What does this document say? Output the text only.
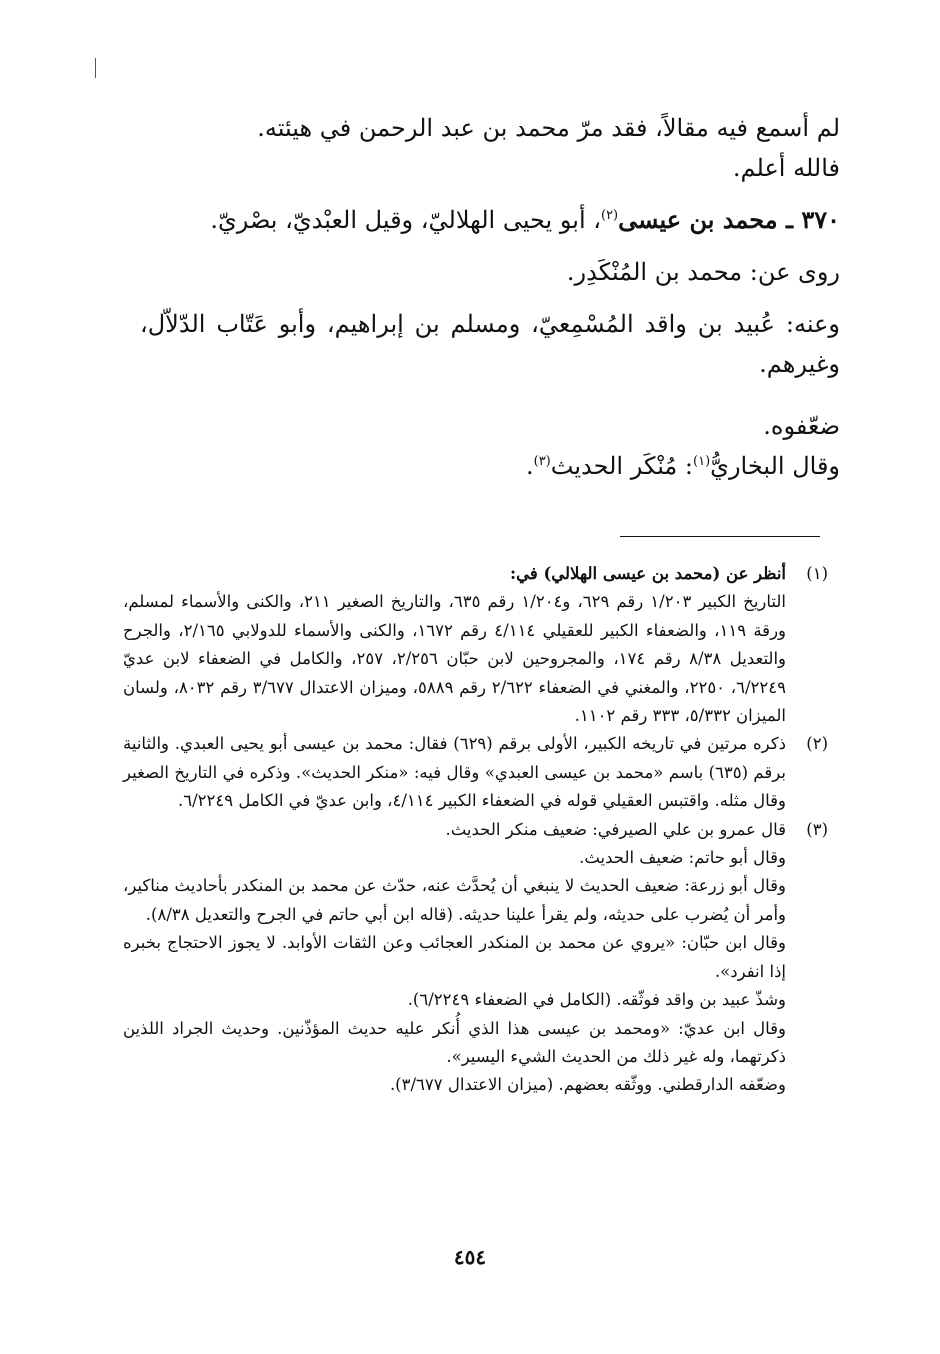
لم أسمع فيه مقالاً، فقد مرّ محمد بن عبد الرحمن في هيئته.

فالله أعلم.

٣٧٠ ـ محمد بن عيسى$^{(٢)}$، أبو يحيى الهلاليّ، وقيل العبْديّ، بصْريّ.

روى عن: محمد بن المُنْكَدِر.

وعنه: عُبيد بن واقد المُسْمِعيّ، ومسلم بن إبراهيم، وأبو عَتّاب الدّلاّل، وغيرهم.

ضعّفوه.

وقال البخاريُّ$^{(١)}$: مُنْكَر الحديث$^{(٣)}$.

(١)

أنظر عن (محمد بن عيسى الهلالي) في:

التاريخ الكبير ١/٢٠٣ رقم ٦٢٩، و١/٢٠٤ رقم ٦٣٥، والتاريخ الصغير ٢١١، والكنى والأسماء لمسلم، ورقة ١١٩، والضعفاء الكبير للعقيلي ٤/١١٤ رقم ١٦٧٢، والكنى والأسماء للدولابي ٢/١٦٥، والجرح والتعديل ٨/٣٨ رقم ١٧٤، والمجروحين لابن حبّان ٢/٢٥٦، ٢٥٧، والكامل في الضعفاء لابن عديّ ٦/٢٢٤٩، ٢٢٥٠، والمغني في الضعفاء ٢/٦٢٢ رقم ٥٨٨٩، وميزان الاعتدال ٣/٦٧٧ رقم ٨٠٣٢، ولسان الميزان ٥/٣٣٢، ٣٣٣ رقم ١١٠٢.

(٢)

ذكره مرتين في تاريخه الكبير، الأولى برقم (٦٢٩) فقال: محمد بن عيسى أبو يحيى العبدي. والثانية برقم (٦٣٥) باسم «محمد بن عيسى العبدي» وقال فيه: «منكر الحديث». وذكره في التاريخ الصغير وقال مثله. واقتبس العقيلي قوله في الضعفاء الكبير ٤/١١٤، وابن عديّ في الكامل ٦/٢٢٤٩.

(٣)

قال عمرو بن علي الصيرفي: ضعيف منكر الحديث.

وقال أبو حاتم: ضعيف الحديث.

وقال أبو زرعة: ضعيف الحديث لا ينبغي أن يُحدَّث عنه، حدّث عن محمد بن المنكدر بأحاديث مناكير، وأمر أن يُضرب على حديثه، ولم يقرأ علينا حديثه. (قاله ابن أبي حاتم في الجرح والتعديل ٨/٣٨).

وقال ابن حبّان: «يروي عن محمد بن المنكدر العجائب وعن الثقات الأوابد. لا يجوز الاحتجاج بخبره إذا انفرد».

وشذّ عبيد بن واقد فوثّقه. (الكامل في الضعفاء ٦/٢٢٤٩).

وقال ابن عديّ: «ومحمد بن عيسى هذا الذي أُنكر عليه حديث المؤذّنين. وحديث الجراد اللذين ذكرتهما، وله غير ذلك من الحديث الشيء اليسير».

وضعّفه الدارقطني. ووثّقه بعضهم. (ميزان الاعتدال ٣/٦٧٧).

٤٥٤
